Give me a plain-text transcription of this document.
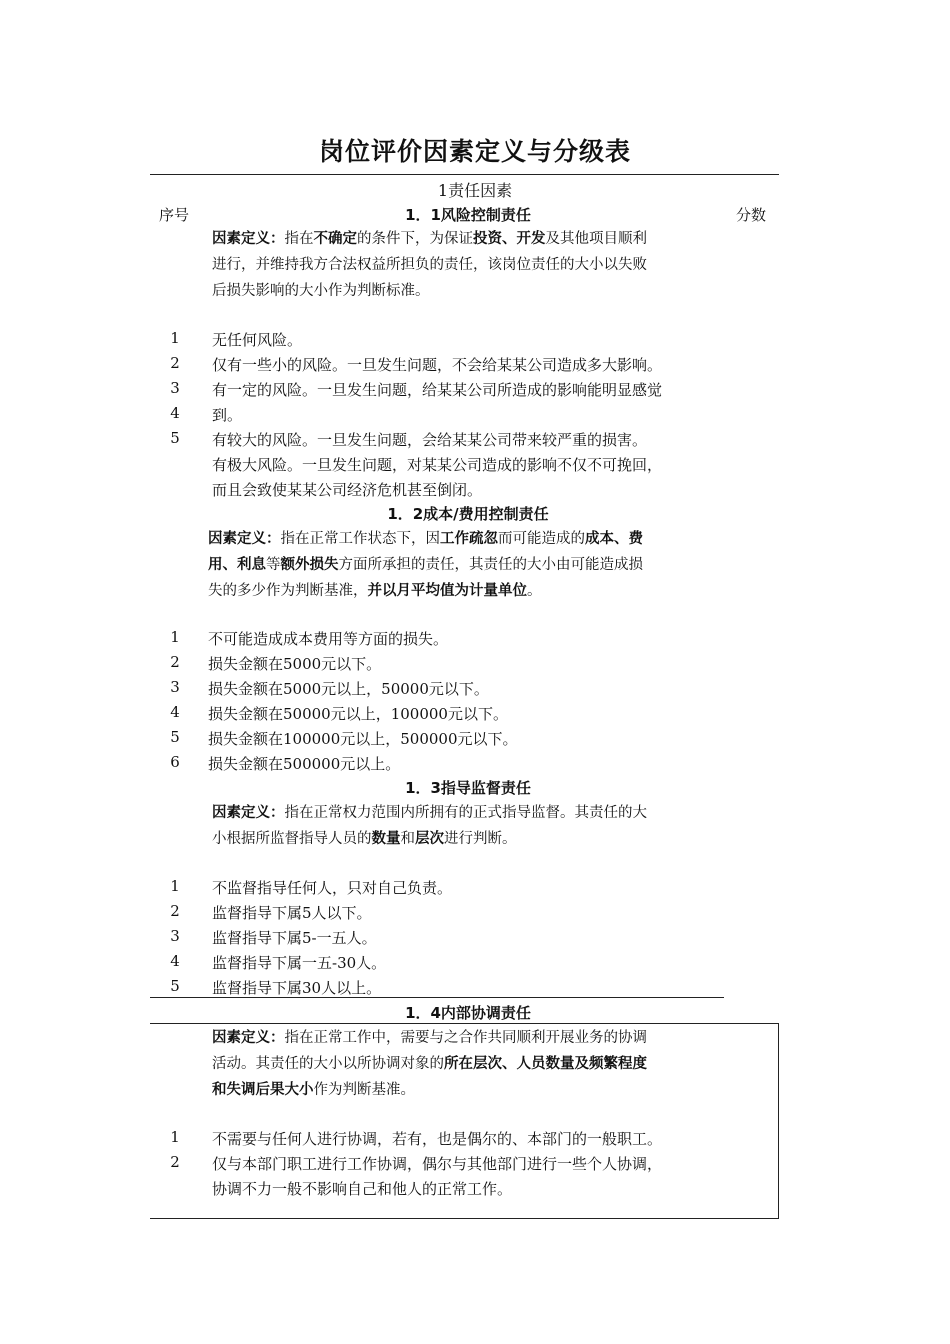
岗位评价因素定义与分级表
1责任因素
序号	分数
1．1风险控制责任
因素定义：指在不确定的条件下，为保证投资、开发及其他项目顺利
进行，并维持我方合法权益所担负的责任，该岗位责任的大小以失败
后损失影响的大小作为判断标准。
1
2
3
4
5
无任何风险。
仅有一些小的风险。一旦发生问题，不会给某某公司造成多大影响。
有一定的风险。一旦发生问题，给某某公司所造成的影响能明显感觉
到。
有较大的风险。一旦发生问题，会给某某公司带来较严重的损害。
有极大风险。一旦发生问题，对某某公司造成的影响不仅不可挽回，
而且会致使某某公司经济危机甚至倒闭。
1．2成本/费用控制责任
因素定义：指在正常工作状态下，因工作疏忽而可能造成的成本、费
用、利息等额外损失方面所承担的责任，其责任的大小由可能造成损
失的多少作为判断基准，并以月平均值为计量单位。
1
2
3
4
5
6
不可能造成成本费用等方面的损失。
损失金额在5000元以下。
损失金额在5000元以上，50000元以下。
损失金额在50000元以上，100000元以下。
损失金额在100000元以上，500000元以下。
损失金额在500000元以上。
1．3指导监督责任
因素定义：指在正常权力范围内所拥有的正式指导监督。其责任的大
小根据所监督指导人员的数量和层次进行判断。
1
2
3
4
5
不监督指导任何人，只对自己负责。
监督指导下属5人以下。
监督指导下属5-一五人。
监督指导下属一五-30人。
监督指导下属30人以上。
1．4内部协调责任
因素定义：指在正常工作中，需要与之合作共同顺利开展业务的协调
活动。其责任的大小以所协调对象的所在层次、人员数量及频繁程度
和失调后果大小作为判断基准。
1
2
不需要与任何人进行协调，若有，也是偶尔的、本部门的一般职工。
仅与本部门职工进行工作协调，偶尔与其他部门进行一些个人协调，
协调不力一般不影响自己和他人的正常工作。
